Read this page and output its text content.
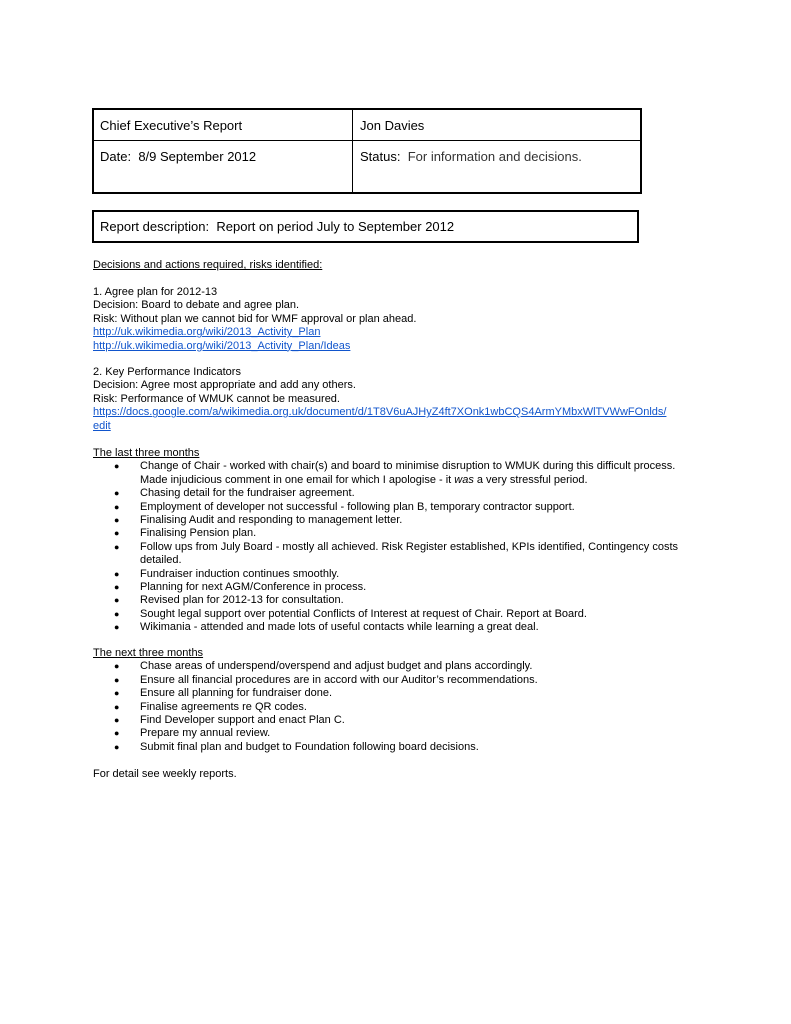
Chief Executive’s Report	Jon Davies
Date: 8/9 September 2012	Status: For information and decisions.
Report description: Report on period July to September 2012
Decisions and actions required, risks identified:
1. Agree plan for 2012-13
Decision: Board to debate and agree plan.
Risk: Without plan we cannot bid for WMF approval or plan ahead.
http://uk.wikimedia.org/wiki/2013_Activity_Plan
http://uk.wikimedia.org/wiki/2013_Activity_Plan/Ideas
2. Key Performance Indicators
Decision: Agree most appropriate and add any others.
Risk: Performance of WMUK cannot be measured.
https://docs.google.com/a/wikimedia.org.uk/document/d/1T8V6uAJHyZ4ft7XOnk1wbCQS4ArmYMbxWlTVWwFOnlds/
edit
The last three months
● Change of Chair - worked with chair(s) and board to minimise disruption to WMUK during this difficult process. Made injudicious comment in one email for which I apologise - it was a very stressful period.
● Chasing detail for the fundraiser agreement.
● Employment of developer not successful - following plan B, temporary contractor support.
● Finalising Audit and responding to management letter.
● Finalising Pension plan.
● Follow ups from July Board - mostly all achieved. Risk Register established, KPIs identified, Contingency costs detailed.
● Fundraiser induction continues smoothly.
● Planning for next AGM/Conference in process.
● Revised plan for 2012-13 for consultation.
● Sought legal support over potential Conflicts of Interest at request of Chair. Report at Board.
● Wikimania - attended and made lots of useful contacts while learning a great deal.
The next three months
● Chase areas of underspend/overspend and adjust budget and plans accordingly.
● Ensure all financial procedures are in accord with our Auditor’s recommendations.
● Ensure all planning for fundraiser done.
● Finalise agreements re QR codes.
● Find Developer support and enact Plan C.
● Prepare my annual review.
● Submit final plan and budget to Foundation following board decisions.
For detail see weekly reports.
